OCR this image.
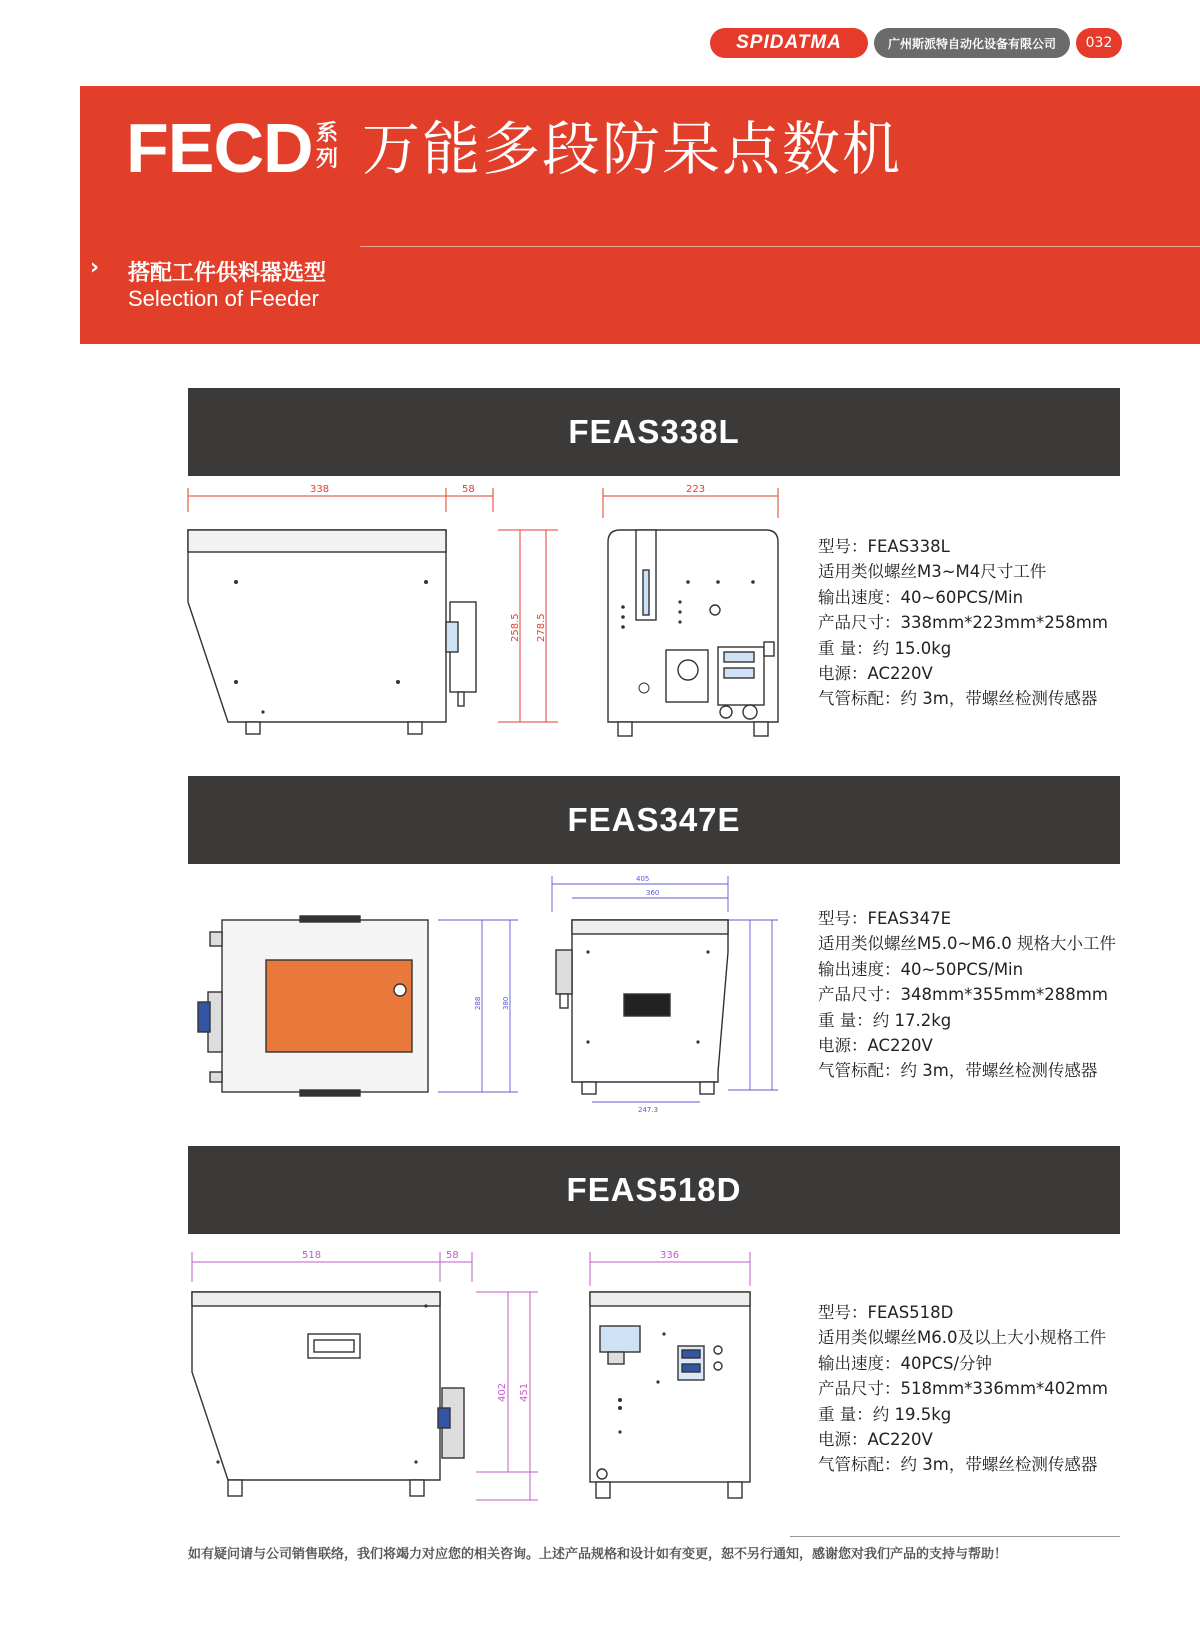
SPIDATMA	广州斯派特自动化设备有限公司	032
FECD 系列 万能多段防呆点数机
› 搭配工件供料器选型
Selection of Feeder
FEAS338L
338	58	223
258.5 278.5
型号：FEAS338L
适用类似螺丝M3~M4尺寸工件
输出速度：40~60PCS/Min
产品尺寸：338mm*223mm*258mm
重 量：约 15.0kg
电源：AC220V
气管标配：约 3m，带螺丝检测传感器
FEAS347E
288	380
405
360
247.3
型号：FEAS347E
适用类似螺丝M5.0~M6.0 规格大小工件
输出速度：40~50PCS/Min
产品尺寸：348mm*355mm*288mm
重 量：约 17.2kg
电源：AC220V
气管标配：约 3m，带螺丝检测传感器
FEAS518D
518	58	336
402 451
型号：FEAS518D
适用类似螺丝M6.0及以上大小规格工件
输出速度：40PCS/分钟
产品尺寸：518mm*336mm*402mm
重 量：约 19.5kg
电源：AC220V
气管标配：约 3m，带螺丝检测传感器
如有疑问请与公司销售联络，我们将竭力对应您的相关咨询。上述产品规格和设计如有变更，恕不另行通知，感谢您对我们产品的支持与帮助！
